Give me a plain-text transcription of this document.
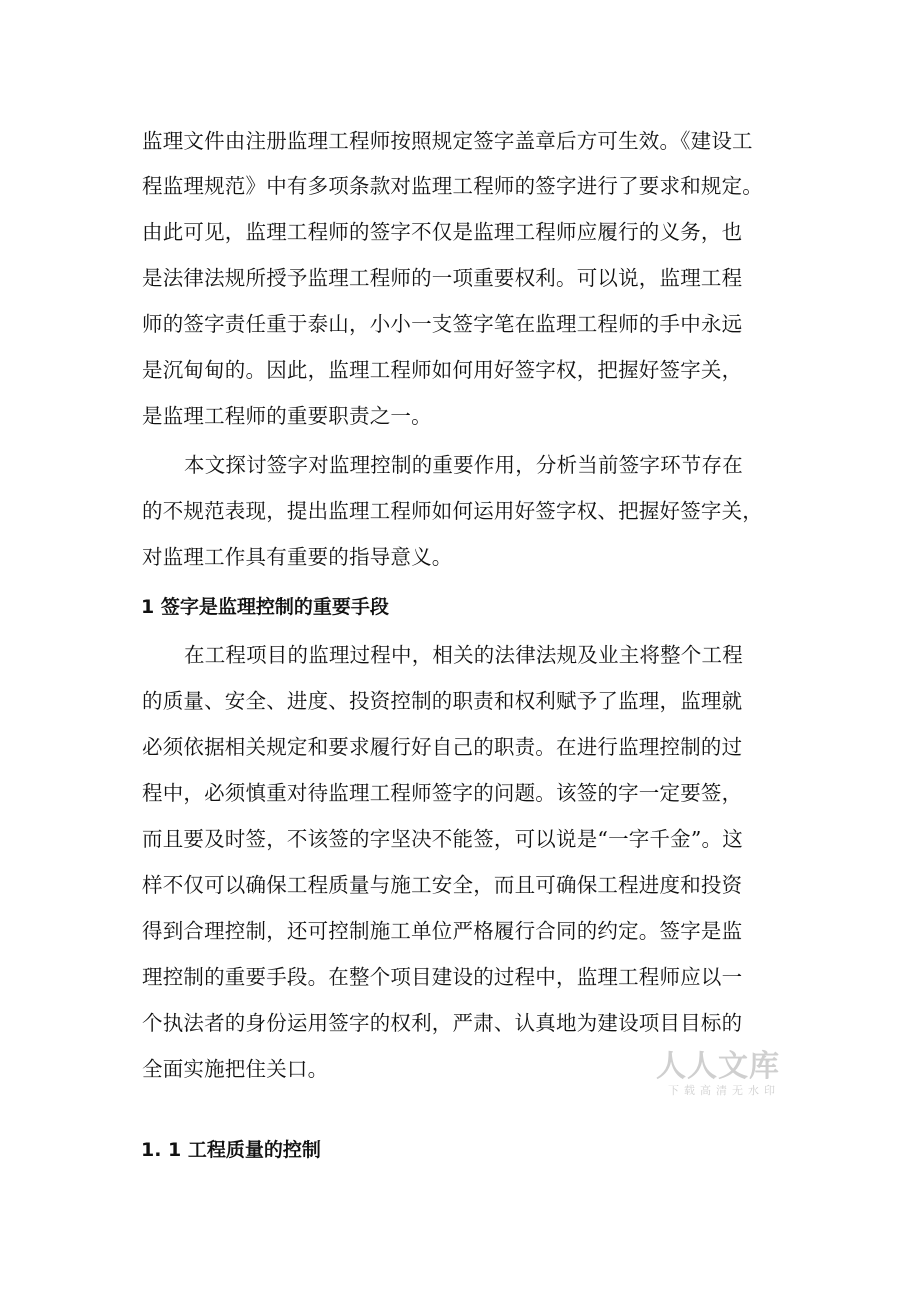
监理文件由注册监理工程师按照规定签字盖章后方可生效。《建设工
程监理规范》中有多项条款对监理工程师的签字进行了要求和规定。
由此可见，监理工程师的签字不仅是监理工程师应履行的义务，也
是法律法规所授予监理工程师的一项重要权利。可以说，监理工程
师的签字责任重于泰山，小小一支签字笔在监理工程师的手中永远
是沉甸甸的。因此，监理工程师如何用好签字权，把握好签字关，
是监理工程师的重要职责之一。
本文探讨签字对监理控制的重要作用，分析当前签字环节存在
的不规范表现，提出监理工程师如何运用好签字权、把握好签字关，
对监理工作具有重要的指导意义。
1 签字是监理控制的重要手段
在工程项目的监理过程中，相关的法律法规及业主将整个工程
的质量、安全、进度、投资控制的职责和权利赋予了监理，监理就
必须依据相关规定和要求履行好自己的职责。在进行监理控制的过
程中，必须慎重对待监理工程师签字的问题。该签的字一定要签，
而且要及时签，不该签的字坚决不能签，可以说是“一字千金”。这
样不仅可以确保工程质量与施工安全，而且可确保工程进度和投资
得到合理控制，还可控制施工单位严格履行合同的约定。签字是监
理控制的重要手段。在整个项目建设的过程中，监理工程师应以一
个执法者的身份运用签字的权利，严肃、认真地为建设项目目标的
全面实施把住关口。
1. 1 工程质量的控制
人人文库
下载高清无水印
